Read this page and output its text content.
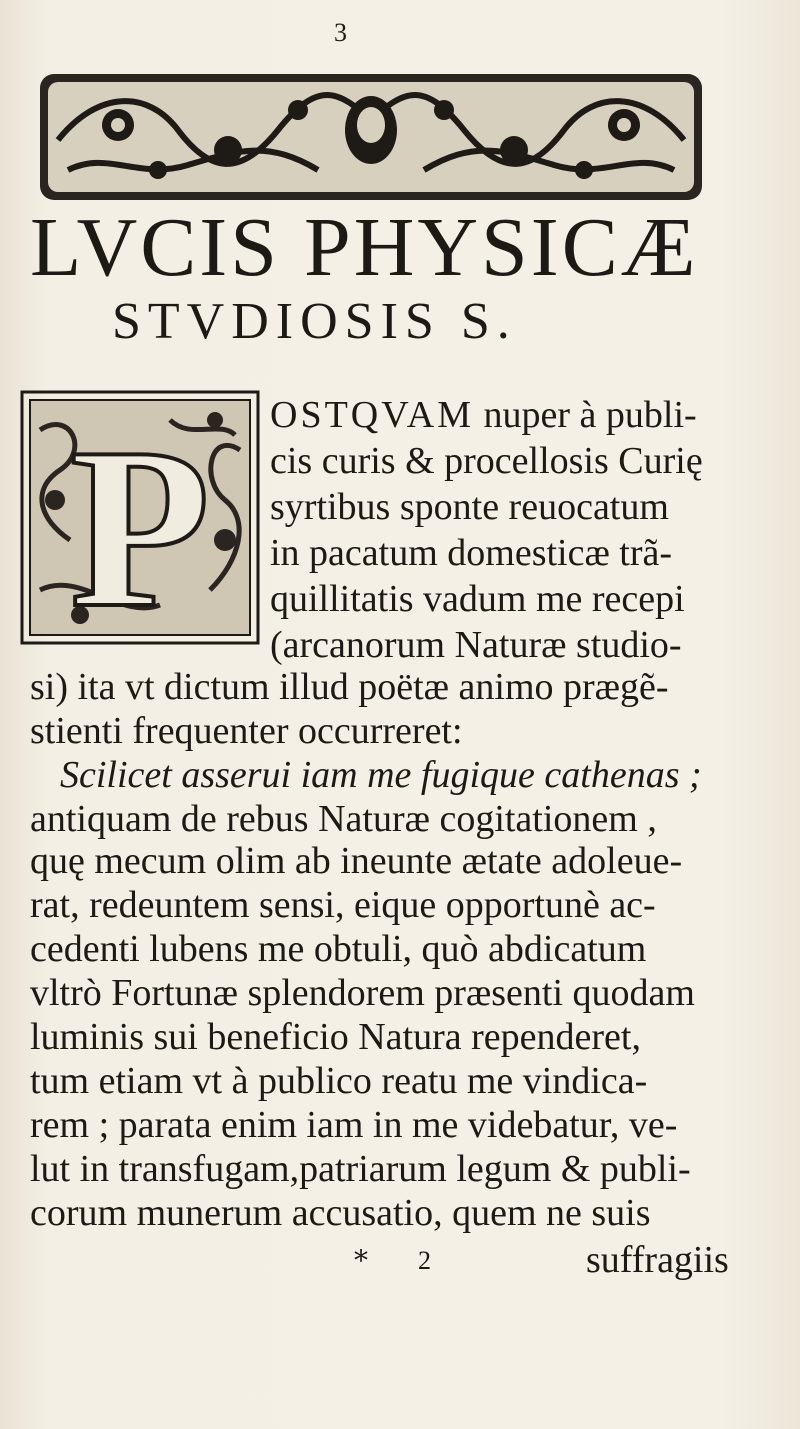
3
LVCIS PHYSICÆ
STVDIOSIS S.
P OSTQVAM nuper à publi-
cis curis & procellosis Curię
syrtibus sponte reuocatum
in pacatum domesticæ trã-
quillitatis vadum me recepi
(arcanorum Naturæ studio-
si) ita vt dictum illud poëtæ animo prægẽ-
stienti frequenter occurreret:
Scilicet asserui iam me fugique cathenas ;
antiquam de rebus Naturæ cogitationem ,
quę mecum olim ab ineunte ætate adoleue-
rat, redeuntem sensi, eique opportunè ac-
cedenti lubens me obtuli, quò abdicatum
vltrò Fortunæ splendorem præsenti quodam
luminis sui beneficio Natura rependeret,
tum etiam vt à publico reatu me vindica-
rem ; parata enim iam in me videbatur, ve-
lut in transfugam,patriarum legum & publi-
corum munerum accusatio, quem ne suis
* 2	suffragiis
